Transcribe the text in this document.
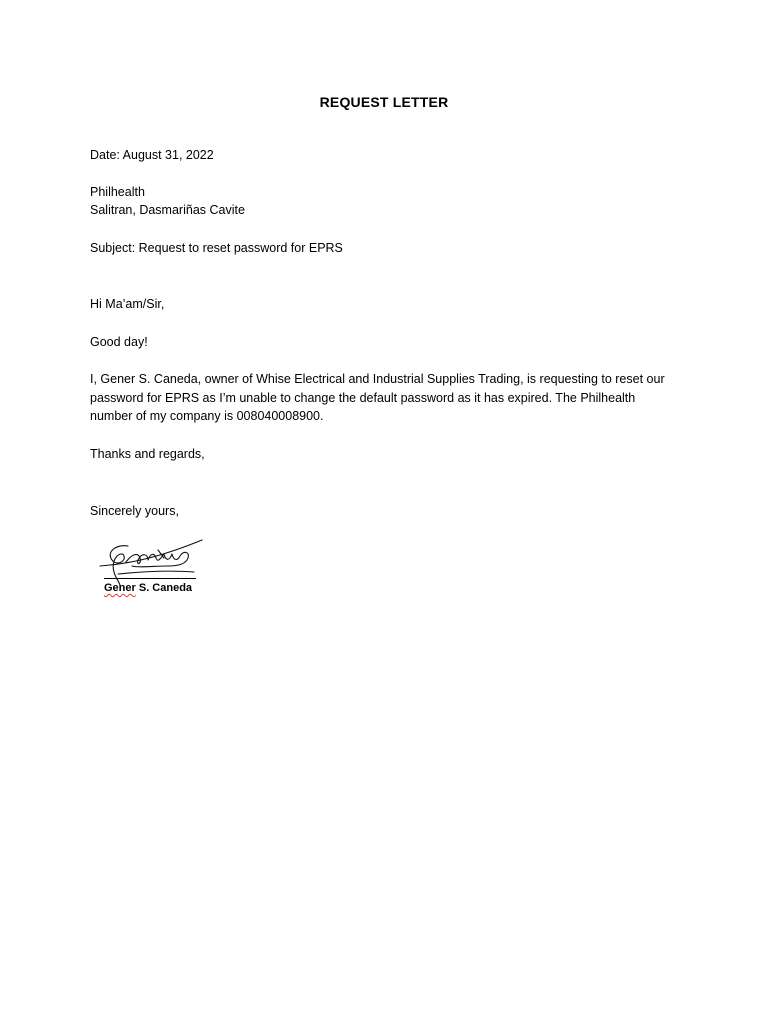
REQUEST LETTER
Date: August 31, 2022
Philhealth
Salitran, Dasmariñas Cavite
Subject: Request to reset password for EPRS
Hi Ma’am/Sir,
Good day!
I, Gener S. Caneda, owner of Whise Electrical and Industrial Supplies Trading, is requesting to reset our password for EPRS as I’m unable to change the default password as it has expired. The Philhealth number of my company is 008040008900.
Thanks and regards,
Sincerely yours,
Gener S. Caneda
